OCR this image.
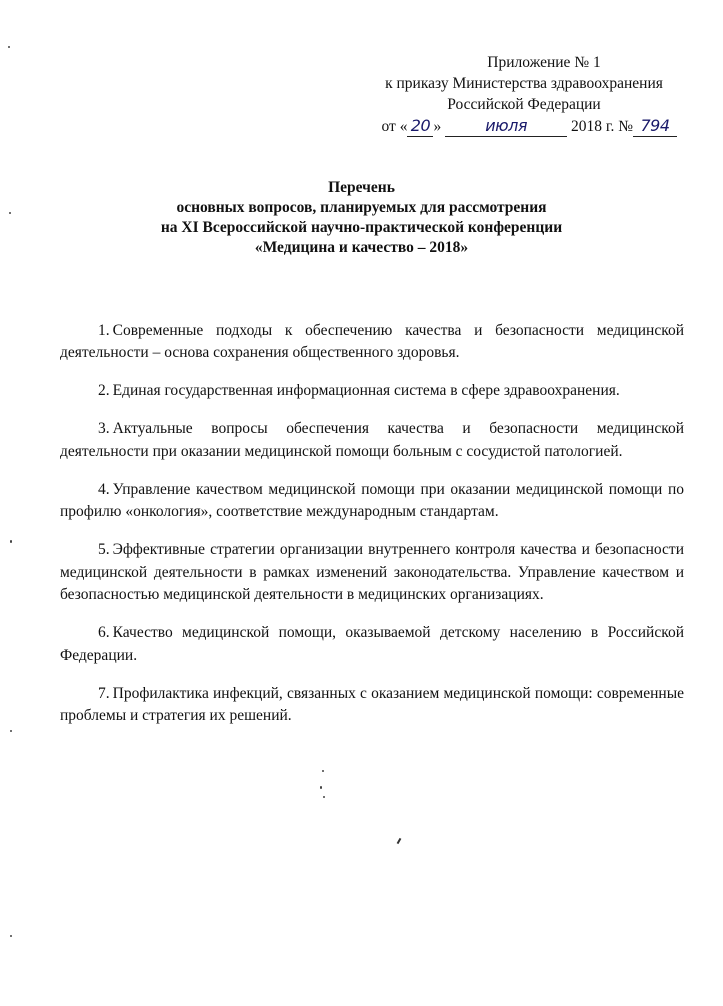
Приложение № 1
к приказу Министерства здравоохранения
Российской Федерации
от « 20 »	июля	2018 г. № 794
Перечень
основных вопросов, планируемых для рассмотрения
на XI Всероссийской научно-практической конференции
«Медицина и качество – 2018»

1. Современные подходы к обеспечению качества и безопасности медицинской деятельности – основа сохранения общественного здоровья.

2. Единая государственная информационная система в сфере здравоохранения.

3. Актуальные вопросы обеспечения качества и безопасности медицинской деятельности при оказании медицинской помощи больным с сосудистой патологией.

4. Управление качеством медицинской помощи при оказании медицинской помощи по профилю «онкология», соответствие международным стандартам.

5. Эффективные стратегии организации внутреннего контроля качества и безопасности медицинской деятельности в рамках изменений законодательства. Управление качеством и безопасностью медицинской деятельности в медицинских организациях.

6. Качество медицинской помощи, оказываемой детскому населению в Российской Федерации.

7. Профилактика инфекций, связанных с оказанием медицинской помощи: современные проблемы и стратегия их решений.
